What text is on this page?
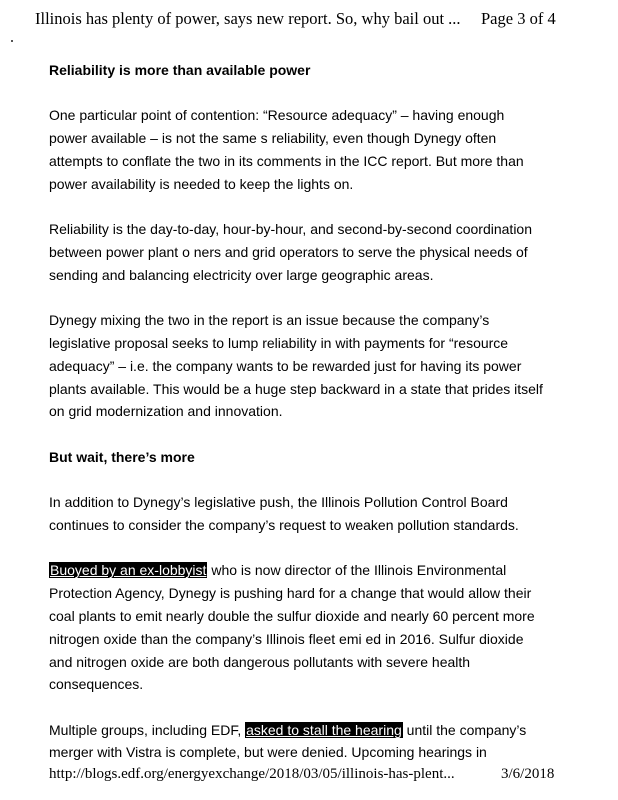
Illinois has plenty of power, says new report. So, why bail out ... Page 3 of 4

Reliability is more than available power

One particular point of contention: “Resource adequacy” – having enough
power available – is not the same s reliability, even though Dynegy often
attempts to conflate the two in its comments in the ICC report. But more than
power availability is needed to keep the lights on.

Reliability is the day-to-day, hour-by-hour, and second-by-second coordination
between power plant o ners and grid operators to serve the physical needs of
sending and balancing electricity over large geographic areas.

Dynegy mixing the two in the report is an issue because the company’s
legislative proposal seeks to lump reliability in with payments for “resource
adequacy” – i.e. the company wants to be rewarded just for having its power
plants available. This would be a huge step backward in a state that prides itself
on grid modernization and innovation.

But wait, there’s more

In addition to Dynegy’s legislative push, the Illinois Pollution Control Board
continues to consider the company’s request to weaken pollution standards.

Buoyed by an ex-lobbyist who is now director of the Illinois Environmental
Protection Agency, Dynegy is pushing hard for a change that would allow their
coal plants to emit nearly double the sulfur dioxide and nearly 60 percent more
nitrogen oxide than the company’s Illinois fleet emi ed in 2016. Sulfur dioxide
and nitrogen oxide are both dangerous pollutants with severe health
consequences.

Multiple groups, including EDF, asked to stall the hearing until the company’s
merger with Vistra is complete, but were denied. Upcoming hearings in

http://blogs.edf.org/energyexchange/2018/03/05/illinois-has-plent...	3/6/2018
